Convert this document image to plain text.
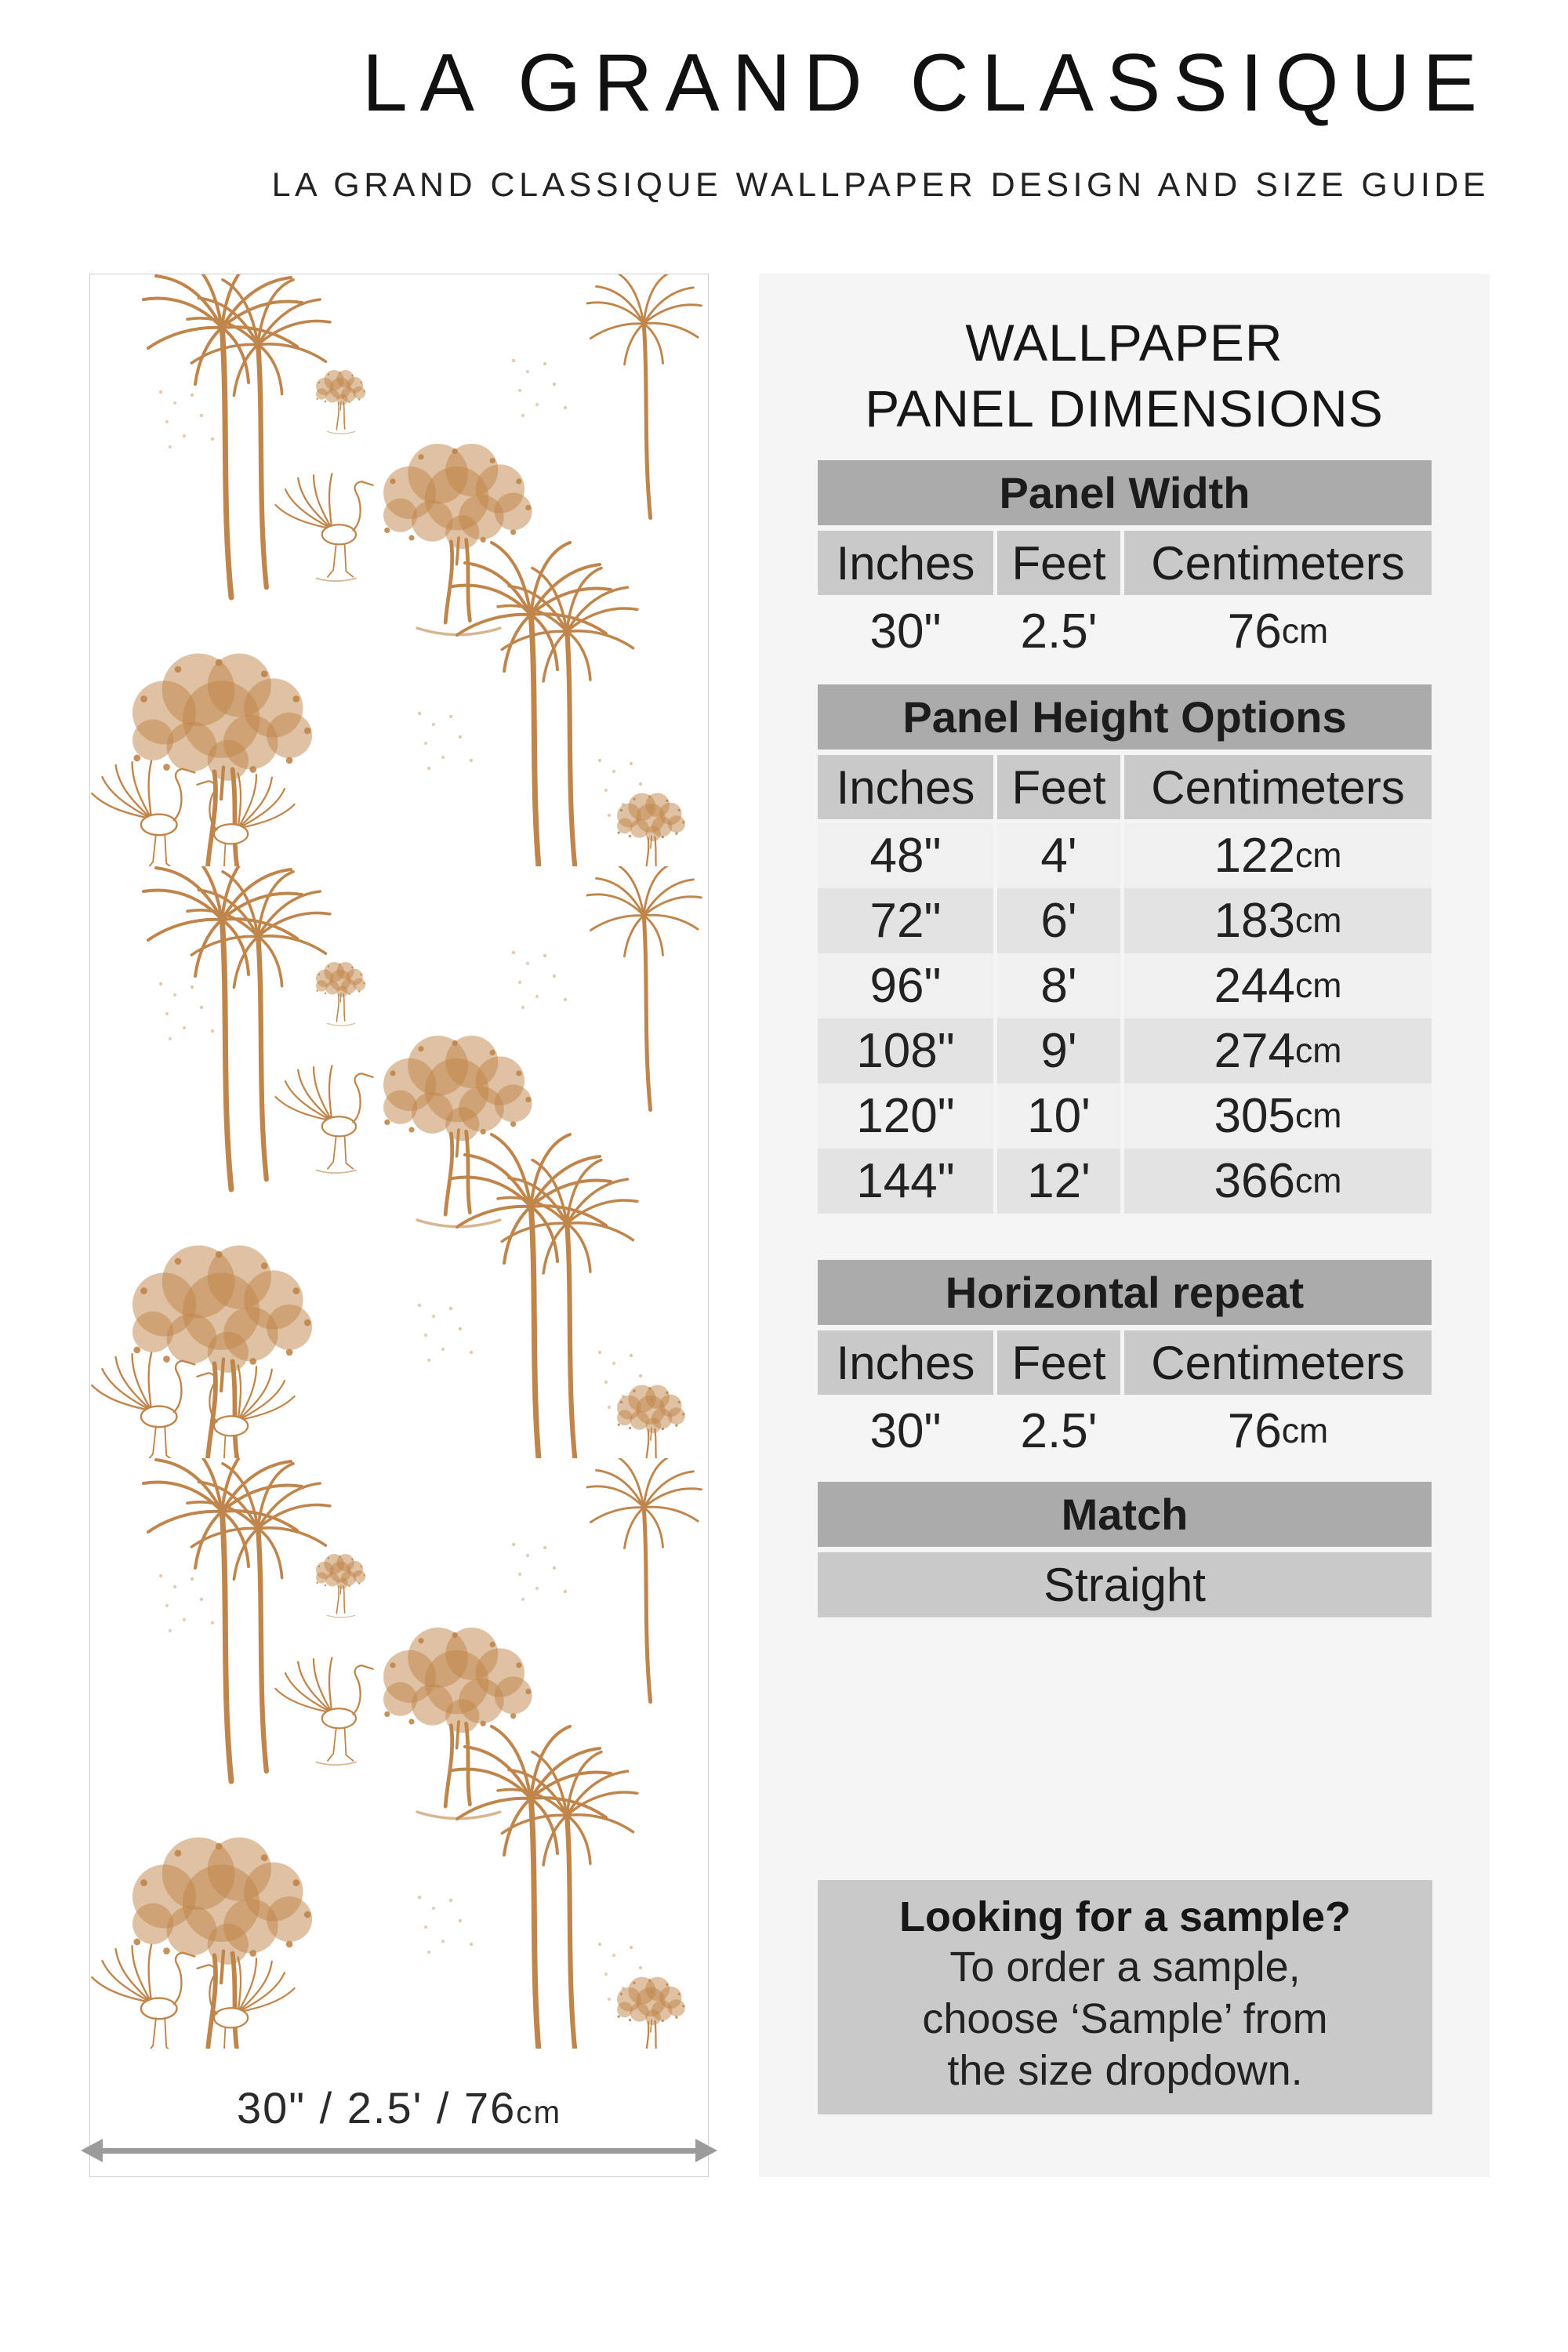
LA GRAND CLASSIQUE
LA GRAND CLASSIQUE WALLPAPER DESIGN AND SIZE GUIDE
30" / 2.5' / 76cm
WALLPAPER
PANEL DIMENSIONS
Panel Width
Inches Feet Centimeters
30"	2.5'	76 cm
Panel Height Options
Inches Feet Centimeters
48"	4'	122 cm
72"	6'	183 cm
96"	8'	244 cm
108"	9'	274 cm
120"	10'	305 cm
144"	12'	366 cm
Horizontal repeat
Inches Feet Centimeters
30"	2.5'	76 cm
Match
Straight
Looking for a sample?
To order a sample,
choose ‘Sample’ from
the size dropdown.
